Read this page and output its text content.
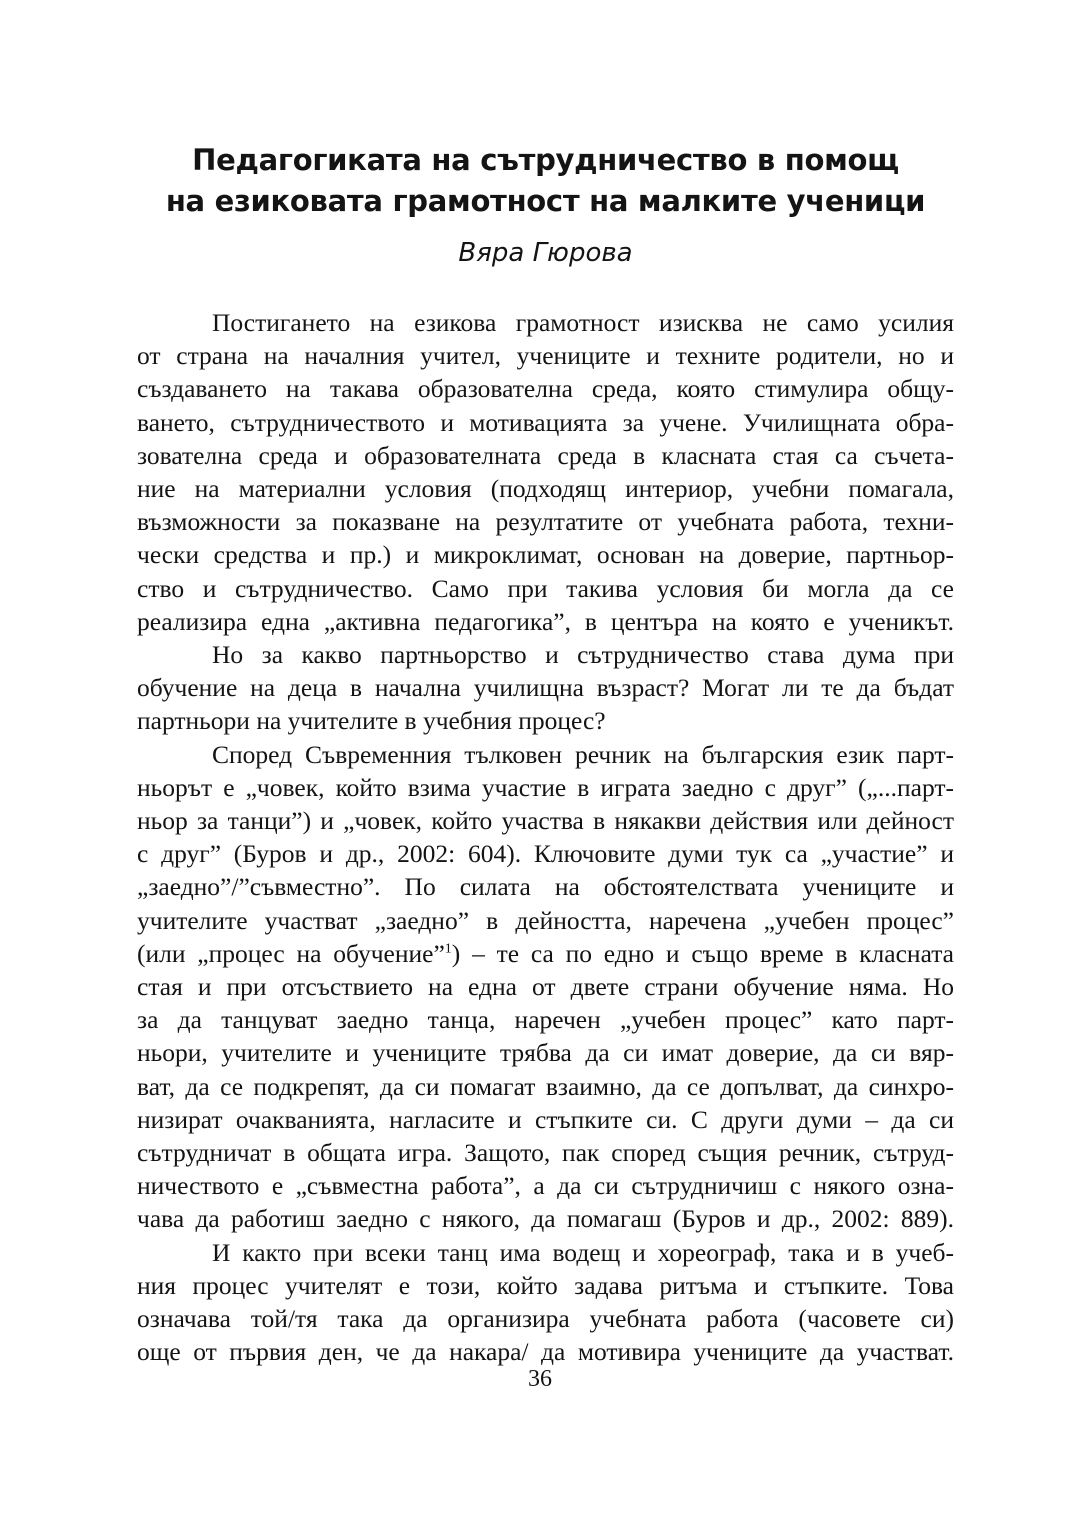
Педагогиката на сътрудничество в помощ
на езиковата грамотност на малките ученици
Вяра Гюрова
Постигането на езикова грамотност изисква не само усилия
от страна на началния учител, учениците и техните родители, но и
създаването на такава образователна среда, която стимулира общу-
ването, сътрудничеството и мотивацията за учене. Училищната обра-
зователна среда и образователната среда в класната стая са съчета-
ние на материални условия (подходящ интериор, учебни помагала,
възможности за показване на резултатите от учебната работа, техни-
чески средства и пр.) и микроклимат, основан на доверие, партньор-
ство и сътрудничество. Само при такива условия би могла да се
реализира една „активна педагогика”, в центъра на която е ученикът.
Но за какво партньорство и сътрудничество става дума при
обучение на деца в начална училищна възраст? Могат ли те да бъдат
партньори на учителите в учебния процес?
Според Съвременния тълковен речник на българския език парт-
ньорът е „човек, който взима участие в играта заедно с друг” („...парт-
ньор за танци”) и „човек, който участва в някакви действия или дейност
с друг” (Буров и др., 2002: 604). Ключовите думи тук са „участие” и
„заедно”/”съвместно”. По силата на обстоятелствата учениците и
учителите участват „заедно” в дейността, наречена „учебен процес”
(или „процес на обучение”$^1$) – те са по едно и също време в класната
стая и при отсъствието на една от двете страни обучение няма. Но
за да танцуват заедно танца, наречен „учебен процес” като парт-
ньори, учителите и учениците трябва да си имат доверие, да си вяр-
ват, да се подкрепят, да си помагат взаимно, да се допълват, да синхро-
низират очакванията, нагласите и стъпките си. С други думи – да си
сътрудничат в общата игра. Защото, пак според същия речник, сътруд-
ничеството е „съвместна работа”, а да си сътрудничиш с някого озна-
чава да работиш заедно с някого, да помагаш (Буров и др., 2002: 889).
И както при всеки танц има водещ и хореограф, така и в учеб-
ния процес учителят е този, който задава ритъма и стъпките. Това
означава той/тя така да организира учебната работа (часовете си)
още от първия ден, че да накара/ да мотивира учениците да участват.
36
